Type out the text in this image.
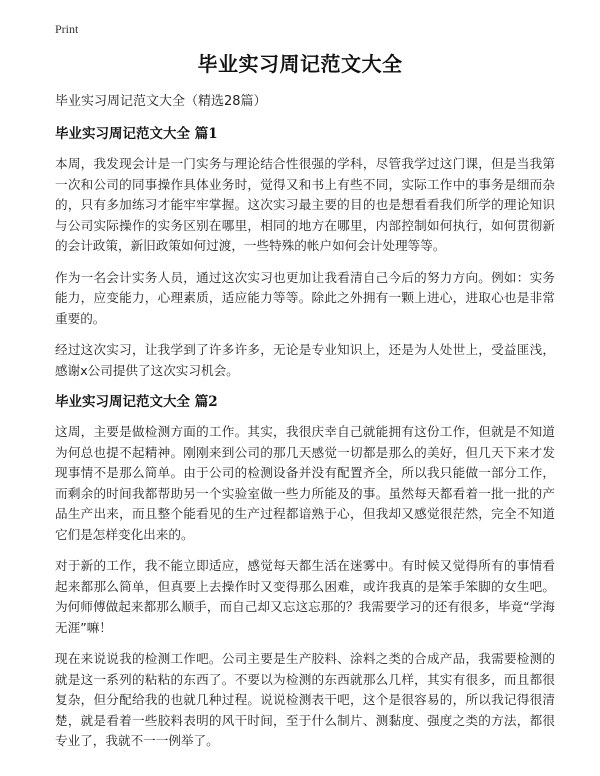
Print
毕业实习周记范文大全

毕业实习周记范文大全（精选28篇）

毕业实习周记范文大全 篇1

本周，我发现会计是一门实务与理论结合性很强的学科，尽管我学过这门课，但是当我第一次和公司的同事操作具体业务时，觉得又和书上有些不同，实际工作中的事务是细而杂的，只有多加练习才能牢牢掌握。这次实习最主要的目的也是想看看我们所学的理论知识与公司实际操作的实务区别在哪里，相同的地方在哪里，内部控制如何执行，如何贯彻新的会计政策，新旧政策如何过渡，一些特殊的帐户如何会计处理等等。

作为一名会计实务人员，通过这次实习也更加让我看清自己今后的努力方向。例如：实务能力，应变能力，心理素质，适应能力等等。除此之外拥有一颗上进心，进取心也是非常重要的。

经过这次实习，让我学到了许多许多，无论是专业知识上，还是为人处世上，受益匪浅，感谢x公司提供了这次实习机会。

毕业实习周记范文大全 篇2

这周，主要是做检测方面的工作。其实，我很庆幸自己就能拥有这份工作，但就是不知道为何总也提不起精神。刚刚来到公司的那几天感觉一切都是那么的美好，但几天下来才发现事情不是那么简单。由于公司的检测设备并没有配置齐全，所以我只能做一部分工作，而剩余的时间我都帮助另一个实验室做一些力所能及的事。虽然每天都看着一批一批的产品生产出来，而且整个能看见的生产过程都谙熟于心，但我却又感觉很茫然，完全不知道它们是怎样变化出来的。

对于新的工作，我不能立即适应，感觉每天都生活在迷雾中。有时候又觉得所有的事情看起来都那么简单，但真要上去操作时又变得那么困难，或许我真的是笨手笨脚的女生吧。为何师傅做起来都那么顺手，而自己却又忘这忘那的？我需要学习的还有很多，毕竟“学海无涯”嘛！

现在来说说我的检测工作吧。公司主要是生产胶料、涂料之类的合成产品，我需要检测的就是这一系列的粘粘的东西了。不要以为检测的东西就那么几样，其实有很多，而且都很复杂，但分配给我的也就几种过程。说说检测表干吧，这个是很容易的，所以我记得很清楚，就是看着一些胶料表明的风干时间，至于什么制片、测黏度、强度之类的方法，都很专业了，我就不一一例举了。
